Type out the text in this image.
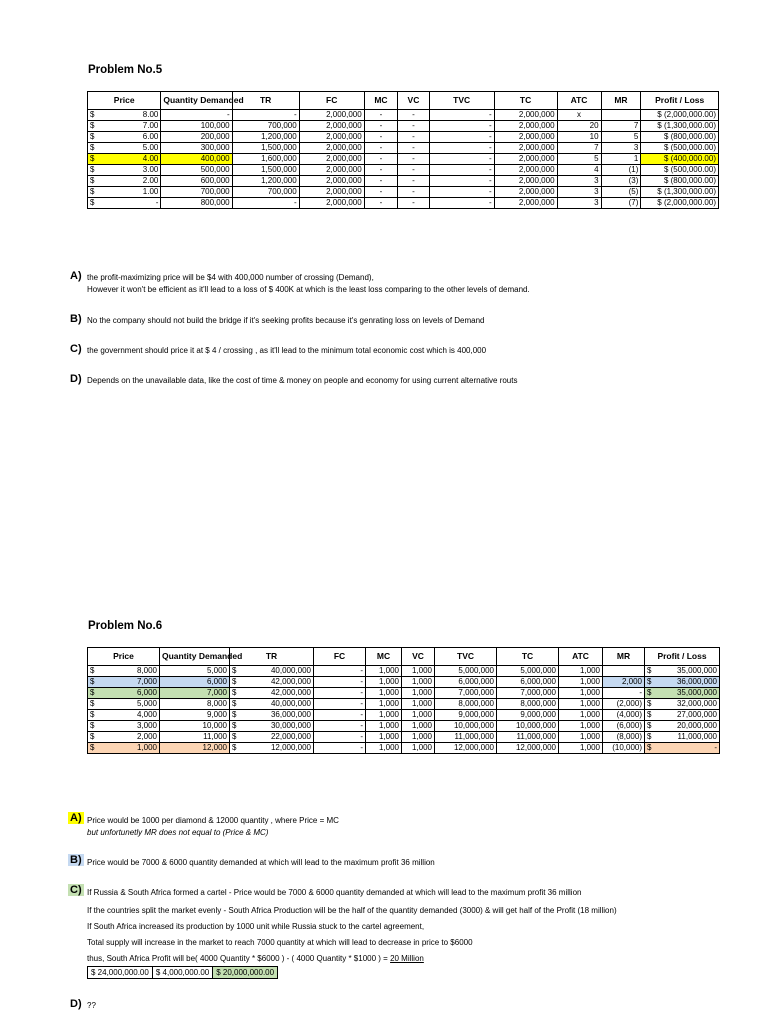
Problem No.5
Price	Quantity Demanded	TR	FC	MC	VC	TVC	TC	ATC	MR	Profit / Loss

$ 8.00	-	-	2,000,000	-	-	-	2,000,000	x		$ (2,000,000.00)

$ 7.00	100,000	700,000	2,000,000	-	-	-	2,000,000	20	7	$ (1,300,000.00)

$ 6.00	200,000	1,200,000	2,000,000	-	-	-	2,000,000	10	5	$ (800,000.00)

$ 5.00	300,000	1,500,000	2,000,000	-	-	-	2,000,000	7	3	$ (500,000.00)

$ 4.00	400,000	1,600,000	2,000,000	-	-	-	2,000,000	5	1	$ (400,000.00)

$ 3.00	500,000	1,500,000	2,000,000	-	-	-	2,000,000	4	(1)	$ (500,000.00)

$ 2.00	600,000	1,200,000	2,000,000	-	-	-	2,000,000	3	(3)	$ (800,000.00)

$ 1.00	700,000	700,000	2,000,000	-	-	-	2,000,000	3	(5)	$ (1,300,000.00)

$ -	800,000	-	2,000,000	-	-	-	2,000,000	3	(7)	$ (2,000,000.00)
A) the profit-maximizing price will be $4 with 400,000 number of crossing (Demand),
However it won't be efficient as it'll lead to a loss of $ 400K at which is the least loss comparing to the other levels of demand.
B) No the company should not build the bridge if it's seeking profits because it's genrating loss on levels of Demand
C) the government should price it at $ 4 / crossing , as it'll lead to the minimum total economic cost which is 400,000
D) Depends on the unavailable data, like the cost of time & money on people and economy for using current alternative routs
Problem No.6
Price	Quantity Demanded	TR	FC	MC	VC	TVC	TC	ATC	MR	Profit / Loss

$ 8,000	5,000	$ 40,000,000	-	1,000	1,000	5,000,000	5,000,000	1,000		$ 35,000,000

$ 7,000	6,000	$ 42,000,000	-	1,000	1,000	6,000,000	6,000,000	1,000	2,000	$ 36,000,000

$ 6,000	7,000	$ 42,000,000	-	1,000	1,000	7,000,000	7,000,000	1,000	-	$ 35,000,000

$ 5,000	8,000	$ 40,000,000	-	1,000	1,000	8,000,000	8,000,000	1,000	(2,000)	$ 32,000,000

$ 4,000	9,000	$ 36,000,000	-	1,000	1,000	9,000,000	9,000,000	1,000	(4,000)	$ 27,000,000

$ 3,000	10,000	$ 30,000,000	-	1,000	1,000	10,000,000	10,000,000	1,000	(6,000)	$ 20,000,000

$ 2,000	11,000	$ 22,000,000	-	1,000	1,000	11,000,000	11,000,000	1,000	(8,000)	$ 11,000,000

$ 1,000	12,000	$ 12,000,000	-	1,000	1,000	12,000,000	12,000,000	1,000	(10,000)	$ -
A) Price would be 1000 per diamond & 12000 quantity , where Price = MC
but unfortunetly MR does not equal to (Price & MC)
B) Price would be 7000 & 6000 quantity demanded at which will lead to the maximum profit 36 million
C) If Russia & South Africa formed a cartel - Price would be 7000 & 6000 quantity demanded at which will lead to the maximum profit 36 million
If the countries split the market evenly - South Africa Production will be the half of the quantity demanded (3000) & will get half of the Profit (18 million)
If South Africa increased its production by 1000 unit while Russia stuck to the cartel agreement,
Total supply will increase in the market to reach 7000 quantity at which will lead to decrease in price to $6000
thus, South Africa Profit will be( 4000 Quantity * $6000 ) - ( 4000 Quantity * $1000 ) = 20 Million
$ 24,000,000.00	$ 4,000,000.00	$ 20,000,000.00
D) ??
